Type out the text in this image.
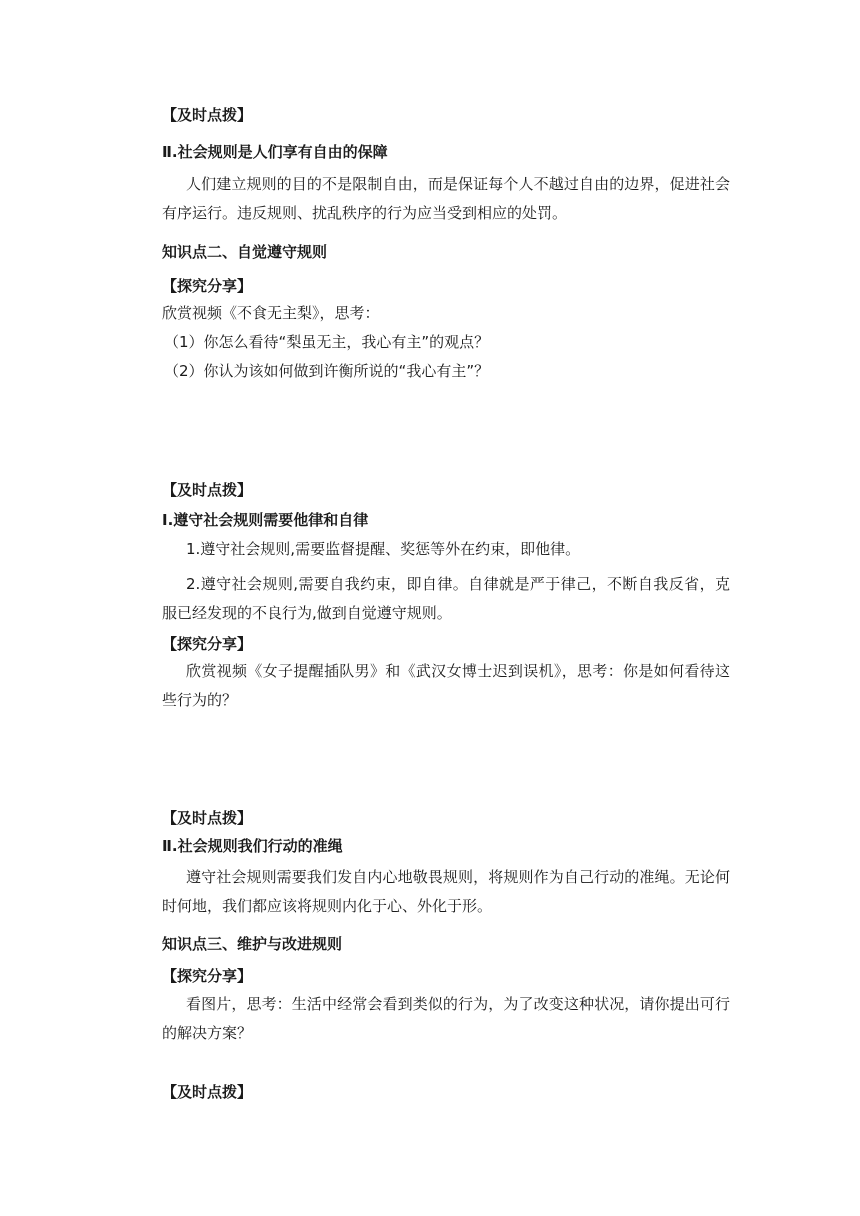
【及时点拨】

Ⅱ.社会规则是人们享有自由的保障

人们建立规则的目的不是限制自由，而是保证每个人不越过自由的边界，促进社会有序运行。违反规则、扰乱秩序的行为应当受到相应的处罚。

知识点二、自觉遵守规则

【探究分享】

欣赏视频《不食无主梨》，思考：

（1）你怎么看待“梨虽无主，我心有主”的观点？

（2）你认为该如何做到许衡所说的“我心有主”？

【及时点拨】

Ⅰ.遵守社会规则需要他律和自律

1.遵守社会规则,需要监督提醒、奖惩等外在约束，即他律。

2.遵守社会规则,需要自我约束，即自律。自律就是严于律己，不断自我反省，克服已经发现的不良行为,做到自觉遵守规则。

【探究分享】

欣赏视频《女子提醒插队男》和《武汉女博士迟到误机》，思考：你是如何看待这些行为的？

【及时点拨】

Ⅱ.社会规则我们行动的准绳

遵守社会规则需要我们发自内心地敬畏规则，将规则作为自己行动的准绳。无论何时何地，我们都应该将规则内化于心、外化于形。

知识点三、维护与改进规则

【探究分享】

看图片，思考：生活中经常会看到类似的行为，为了改变这种状况，请你提出可行的解决方案？

【及时点拨】
